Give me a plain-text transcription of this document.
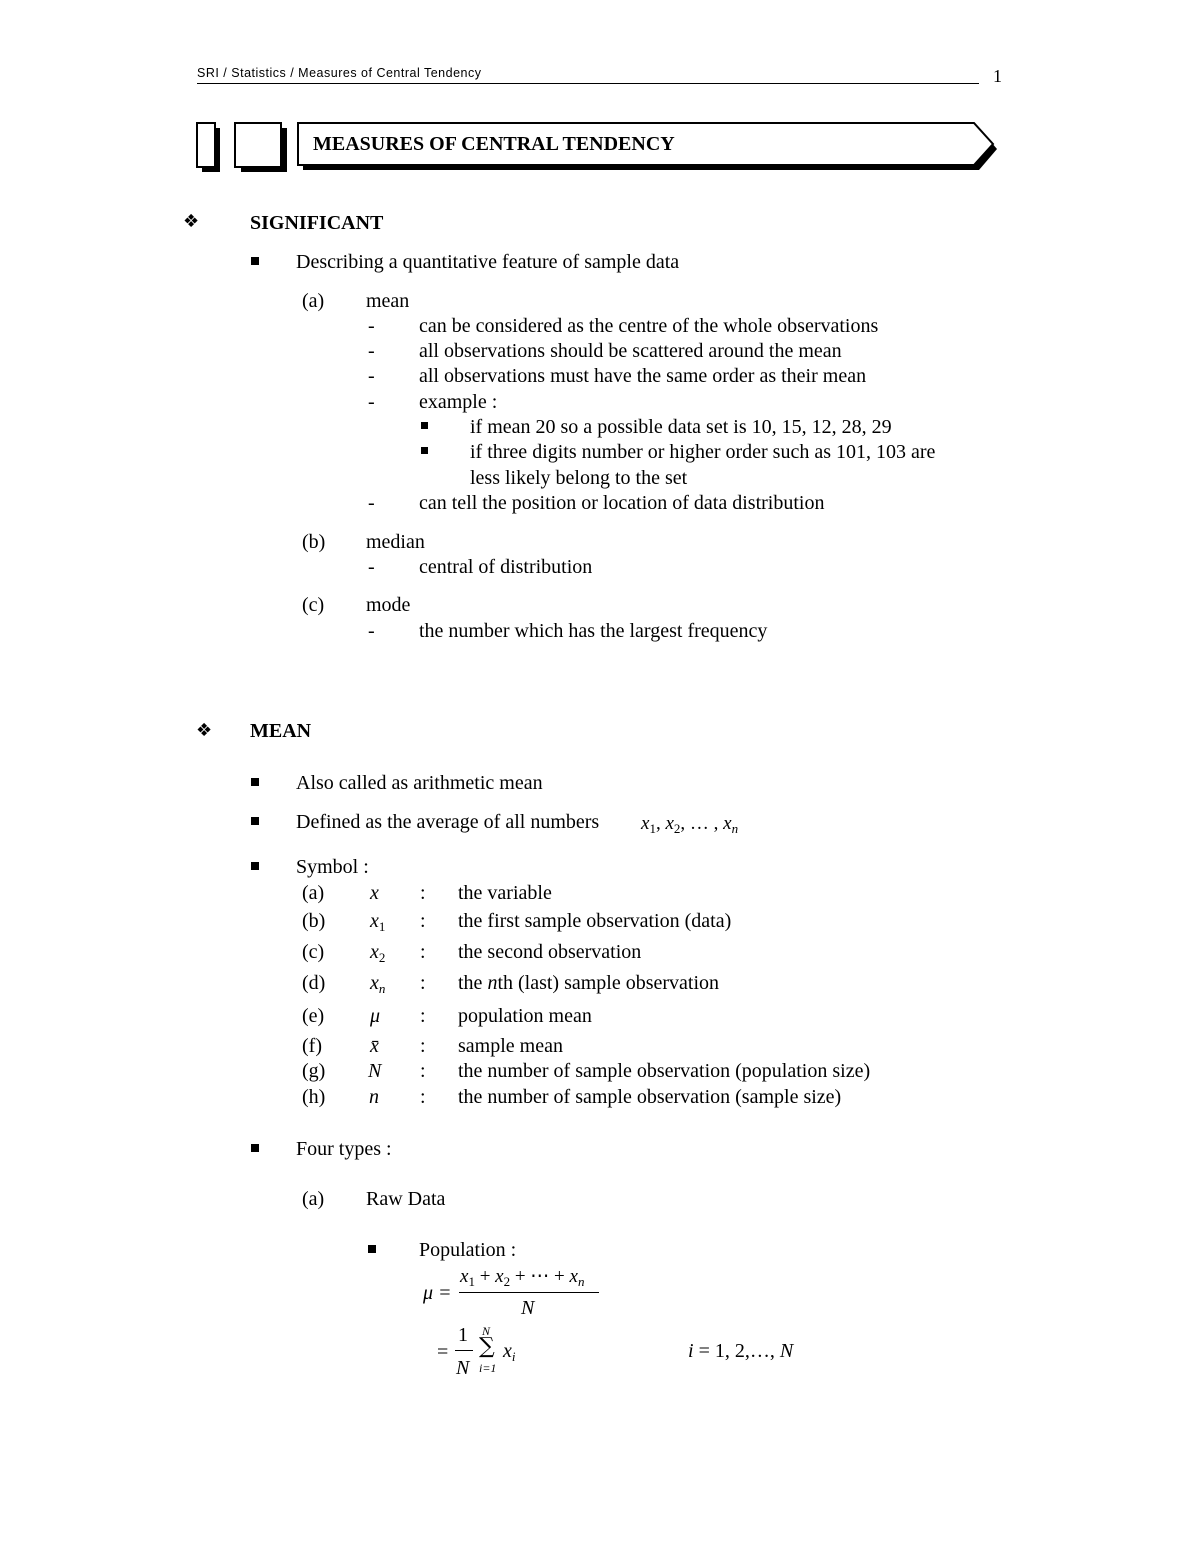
SRI / Statistics / Measures of Central Tendency	1
MEASURES OF CENTRAL TENDENCY
❖	SIGNIFICANT
Describing a quantitative feature of sample data
(a) mean
- can be considered as the centre of the whole observations
- all observations should be scattered around the mean
- all observations must have the same order as their mean
- example :
if mean 20 so a possible data set is 10, 15, 12, 28, 29
if three digits number or higher order such as 101, 103 are
less likely belong to the set
- can tell the position or location of data distribution
(b) median
- central of distribution
(c) mode
- the number which has the largest frequency
❖ MEAN
Also called as arithmetic mean
Defined as the average of all numbers $x_1$, $x_2$, … , $x_n$
Symbol :
(a) x : the variable
(b) $x_1$ : the first sample observation (data)
(c) $x_2$ : the second observation
(d) $x_n$ : the nth (last) sample observation
(e) μ : population mean
(f) x̄ : sample mean
(g) N : the number of sample observation (population size)
(h) n : the number of sample observation (sample size)
Four types :
(a) Raw Data
Population :
μ =
$x_1 + x_2$ + ⋯ + $x_n$
N
=
1
N
N
∑
i=1
$x_i$	i = 1, 2,…, N
